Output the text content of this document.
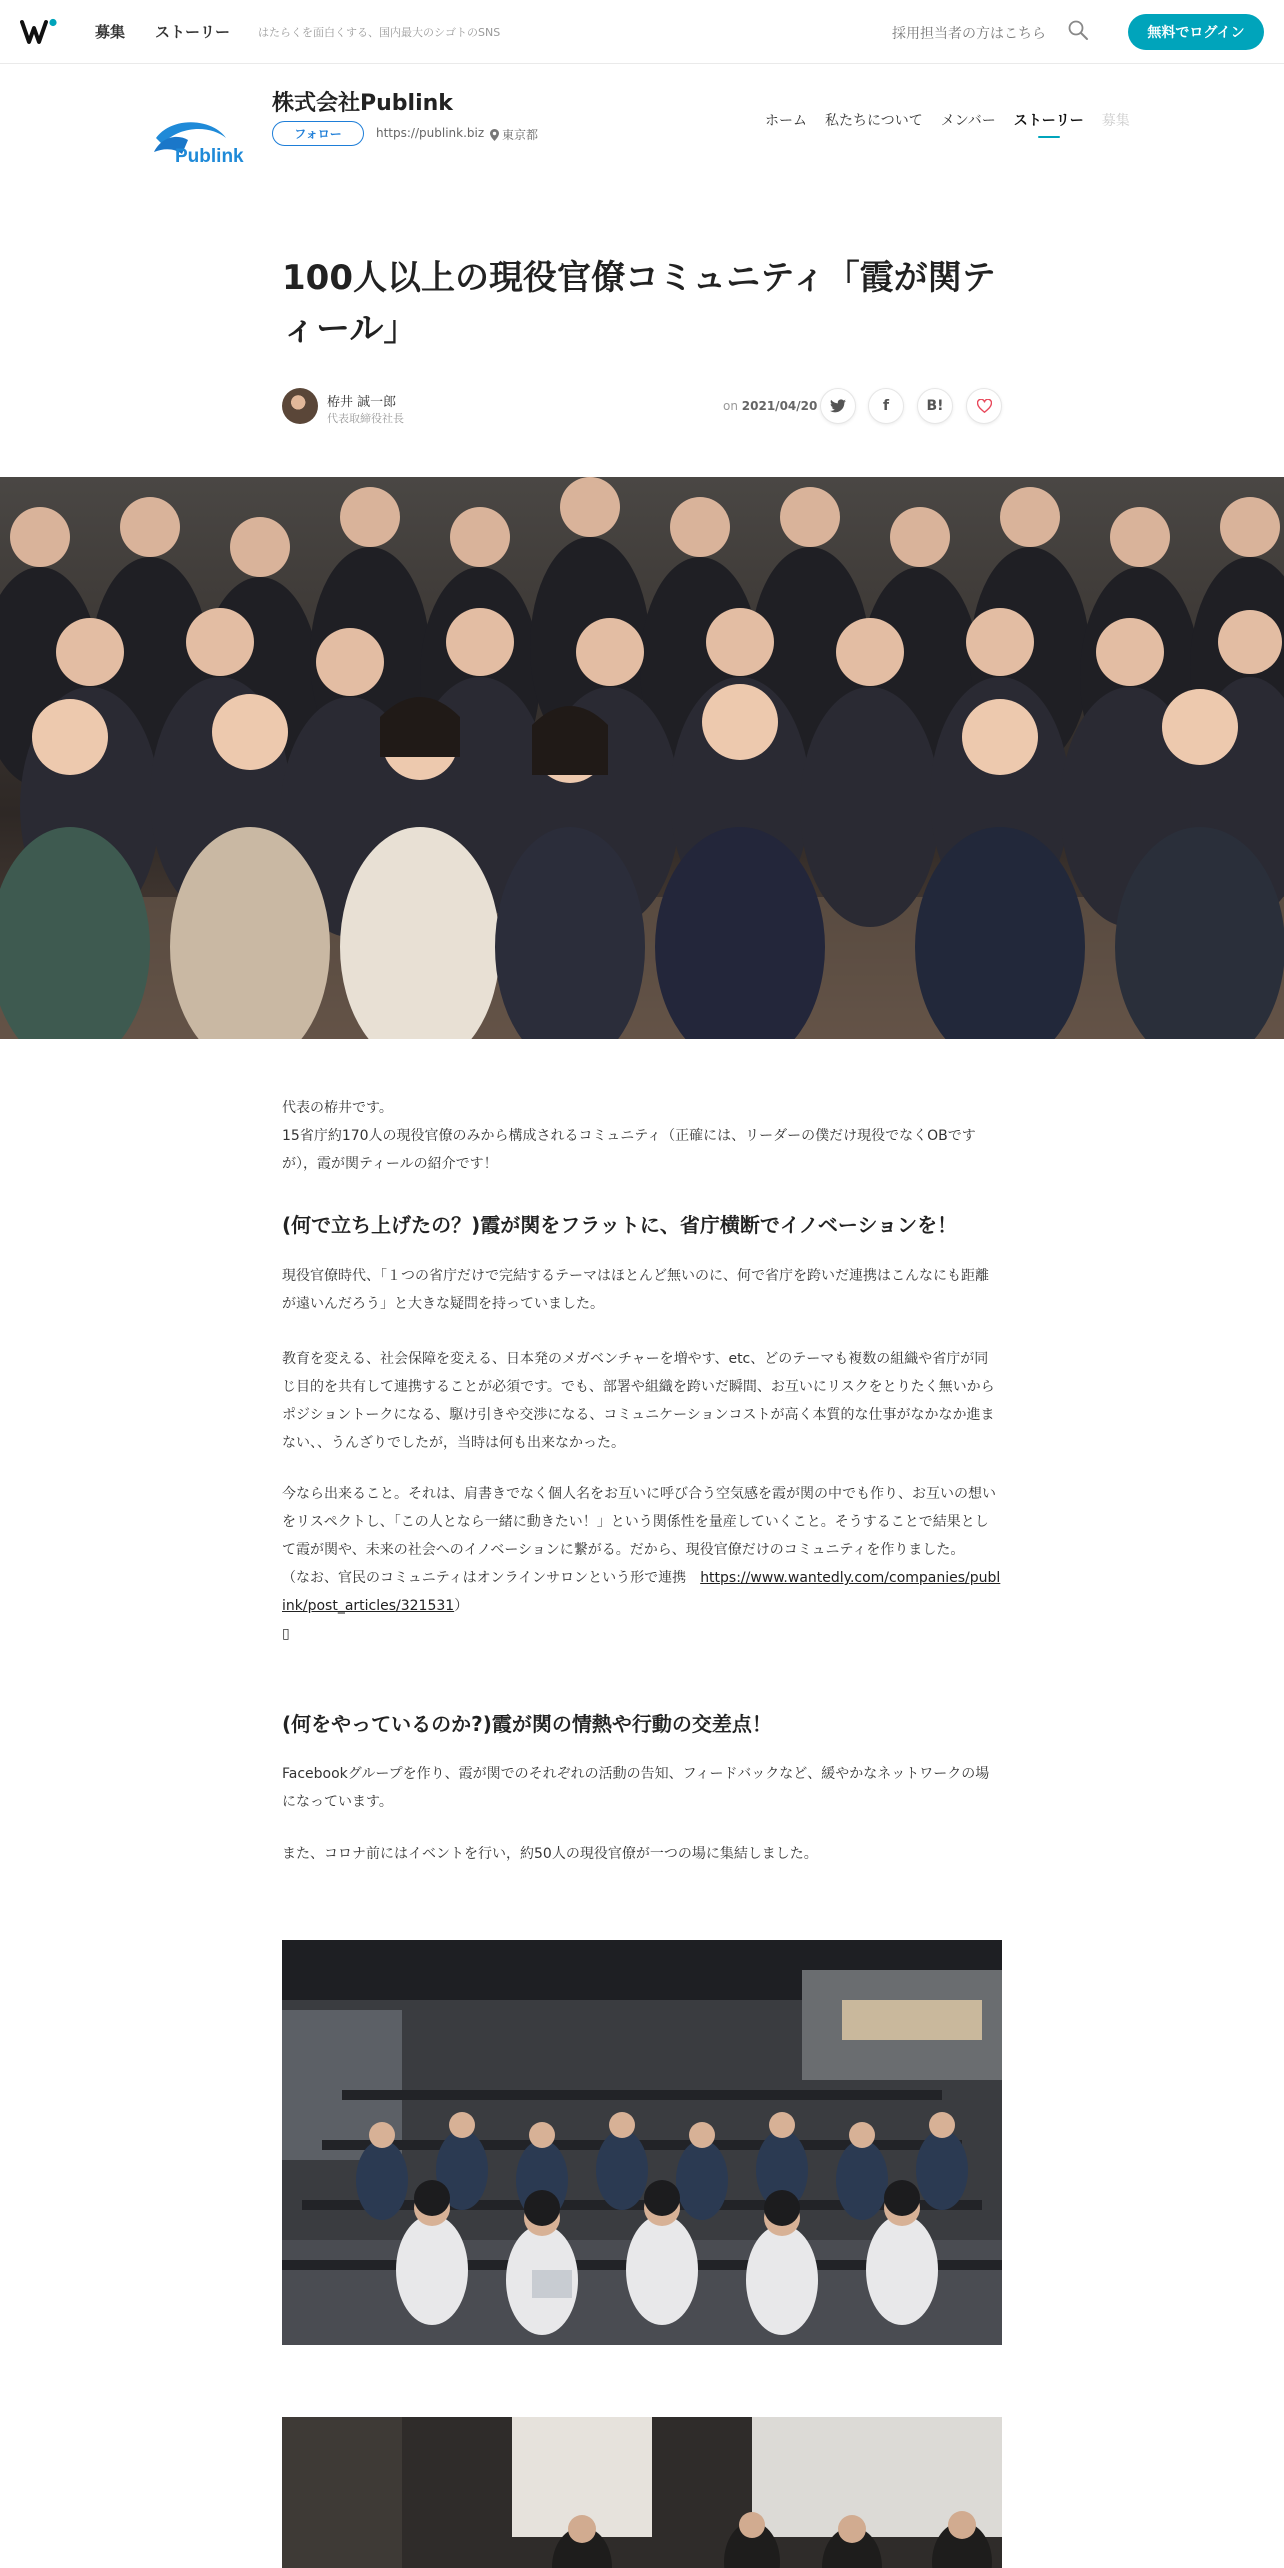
募集 ストーリー	はたらくを面白くする、国内最大のシゴトのSNS	採用担当者の方はこちら	無料でログイン
Publink
株式会社Publink
フォロー	https://publink.biz 東京都
ホーム 私たちについて メンバー ストーリー 募集
100人以上の現役官僚コミュニティ「霞が関ティール」
栫井 誠一郎
代表取締役社長
on 2021/04/20	f	B!

代表の栫井です。

15省庁約170人の現役官僚のみから構成されるコミュニティ（正確には、リーダーの僕だけ現役でなくOBですが），霞が関ティールの紹介です！

(何で立ち上げたの？)霞が関をフラットに、省庁横断でイノベーションを！

現役官僚時代、「１つの省庁だけで完結するテーマはほとんど無いのに、何で省庁を跨いだ連携はこんなにも距離が遠いんだろう」と大きな疑問を持っていました。

教育を変える、社会保障を変える、日本発のメガベンチャーを増やす、etc、どのテーマも複数の組織や省庁が同じ目的を共有して連携することが必須です。でも、部署や組織を跨いだ瞬間、お互いにリスクをとりたく無いからポジショントークになる、駆け引きや交渉になる、コミュニケーションコストが高く本質的な仕事がなかなか進まない、、うんざりでしたが，当時は何も出来なかった。

今なら出来ること。それは、肩書きでなく個人名をお互いに呼び合う空気感を霞が関の中でも作り、お互いの想いをリスペクトし、「この人となら一緒に動きたい！」という関係性を量産していくこと。そうすることで結果として霞が関や、未来の社会へのイノベーションに繋がる。だから、現役官僚だけのコミュニティを作りました。

（なお、官民のコミュニティはオンラインサロンという形で連携　https://www.wantedly.com/companies/publink/post_articles/321531）

▯

(何をやっているのか?)霞が関の情熱や行動の交差点！

Facebookグループを作り、霞が関でのそれぞれの活動の告知、フィードバックなど、緩やかなネットワークの場になっています。

また、コロナ前にはイベントを行い，約50人の現役官僚が一つの場に集結しました。
